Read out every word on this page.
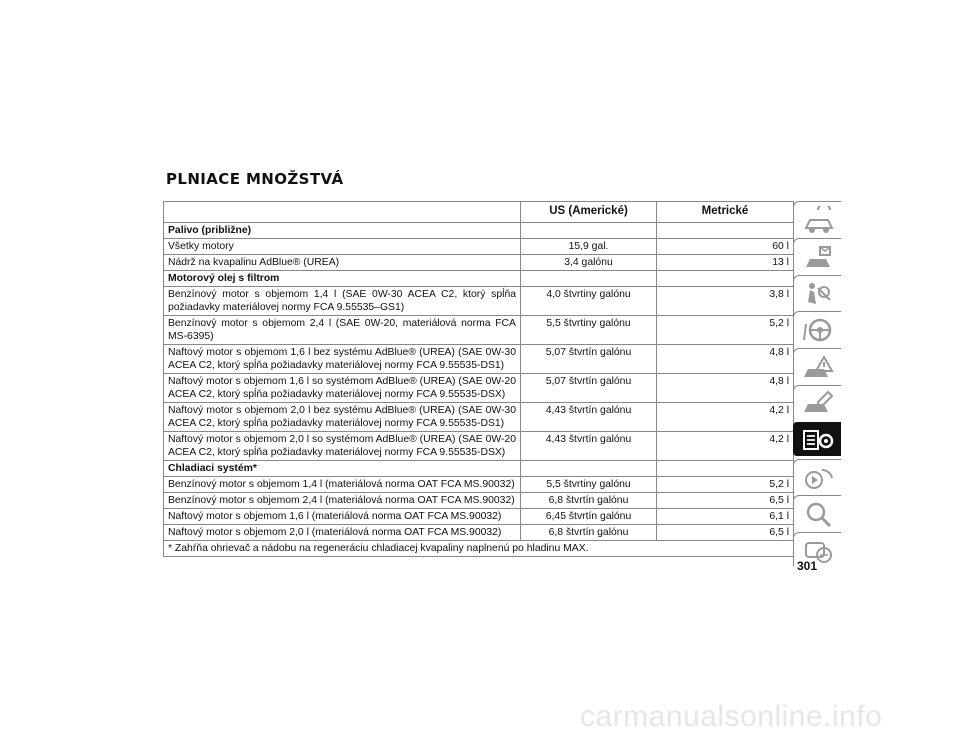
PLNIACE MNOŽSTVÁ
	US (Americké)	Metrické
Palivo (približne)		
Všetky motory	15,9 gal.	60 l
Nádrž na kvapalinu AdBlue® (UREA)	3,4 galónu	13 l
Motorový olej s filtrom		
Benzínový motor s objemom 1,4 l (SAE 0W-30 ACEA C2, ktorý spĺňa požiadavky materiálovej normy FCA 9.55535–GS1)	4,0 štvrtiny galónu	3,8 l
Benzínový motor s objemom 2,4 l (SAE 0W-20, materiálová norma FCA MS-6395)	5,5 štvrtiny galónu	5,2 l
Naftový motor s objemom 1,6 l bez systému AdBlue® (UREA) (SAE 0W-30 ACEA C2, ktorý spĺňa požiadavky materiálovej normy FCA 9.55535-DS1)	5,07 štvrtín galónu	4,8 l
Naftový motor s objemom 1,6 l so systémom AdBlue® (UREA) (SAE 0W-20 ACEA C2, ktorý spĺňa požiadavky materiálovej normy FCA 9.55535-DSX)	5,07 štvrtín galónu	4,8 l
Naftový motor s objemom 2,0 l bez systému AdBlue® (UREA) (SAE 0W-30 ACEA C2, ktorý spĺňa požiadavky materiálovej normy FCA 9.55535-DS1)	4,43 štvrtín galónu	4,2 l
Naftový motor s objemom 2,0 l so systémom AdBlue® (UREA) (SAE 0W-20 ACEA C2, ktorý spĺňa požiadavky materiálovej normy FCA 9.55535-DSX)	4,43 štvrtín galónu	4,2 l
Chladiaci systém*		
Benzínový motor s objemom 1,4 l (materiálová norma OAT FCA MS.90032)	5,5 štvrtiny galónu	5,2 l
Benzínový motor s objemom 2,4 l (materiálová norma OAT FCA MS.90032)	6,8 štvrtín galónu	6,5 l
Naftový motor s objemom 1,6 l (materiálová norma OAT FCA MS.90032)	6,45 štvrtín galónu	6,1 l
Naftový motor s objemom 2,0 l (materiálová norma OAT FCA MS.90032)	6,8 štvrtín galónu	6,5 l
* Zahŕňa ohrievač a nádobu na regeneráciu chladiacej kvapaliny naplnenú po hladinu MAX.		
301
carmanualsonline.info
